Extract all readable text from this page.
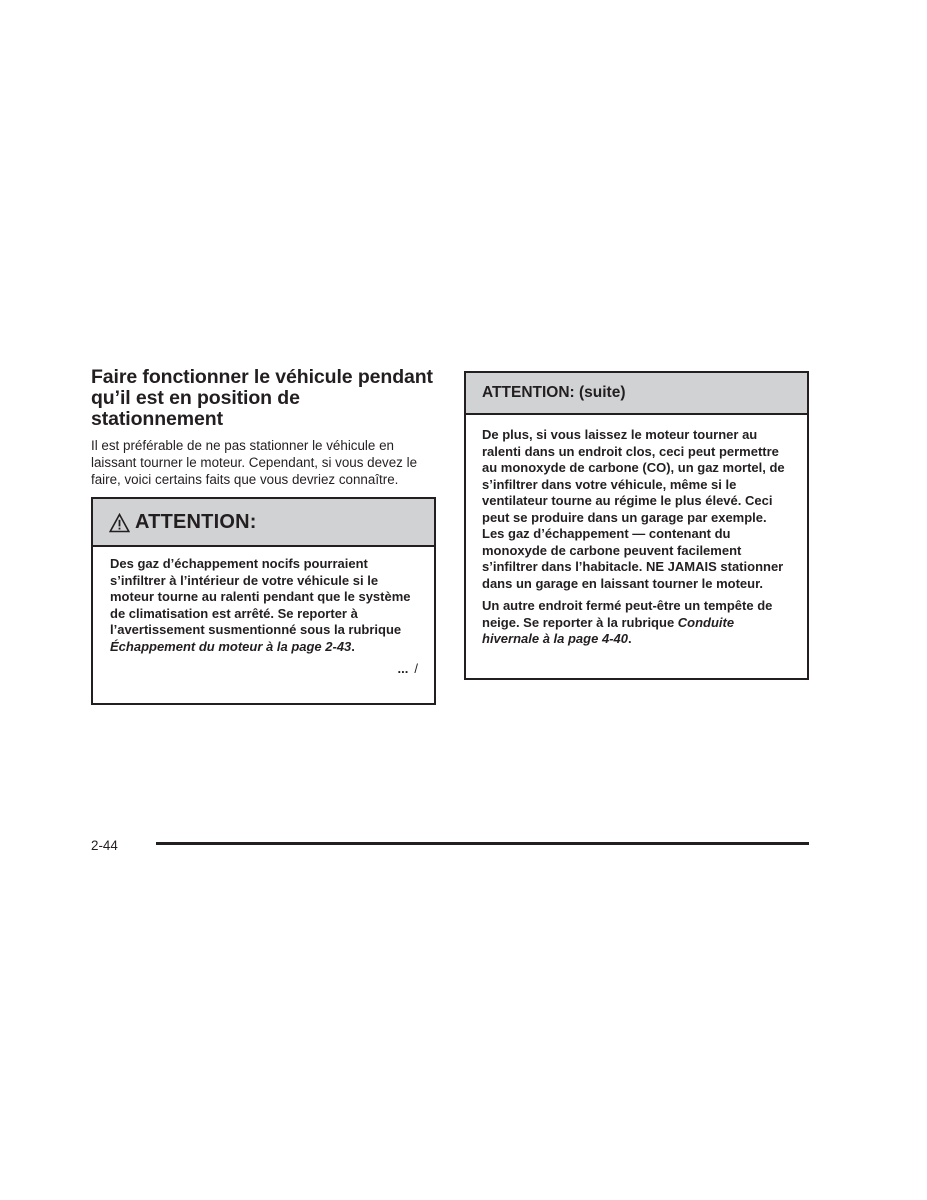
Faire fonctionner le véhicule pendant qu’il est en position de stationnement

Il est préférable de ne pas stationner le véhicule en laissant tourner le moteur. Cependant, si vous devez le faire, voici certains faits que vous devriez connaître.

ATTENTION:

Des gaz d’échappement nocifs pourraient s’infiltrer à l’intérieur de votre véhicule si le moteur tourne au ralenti pendant que le système de climatisation est arrêté. Se reporter à l’avertissement susmentionné sous la rubrique Échappement du moteur à la page 2-43.

... /
ATTENTION: (suite)

De plus, si vous laissez le moteur tourner au ralenti dans un endroit clos, ceci peut permettre au monoxyde de carbone (CO), un gaz mortel, de s’infiltrer dans votre véhicule, même si le ventilateur tourne au régime le plus élevé. Ceci peut se produire dans un garage par exemple. Les gaz d’échappement — contenant du monoxyde de carbone peuvent facilement s’infiltrer dans l’habitacle. NE JAMAIS stationner dans un garage en laissant tourner le moteur.

Un autre endroit fermé peut-être un tempête de neige. Se reporter à la rubrique Conduite hivernale à la page 4-40.

2-44
